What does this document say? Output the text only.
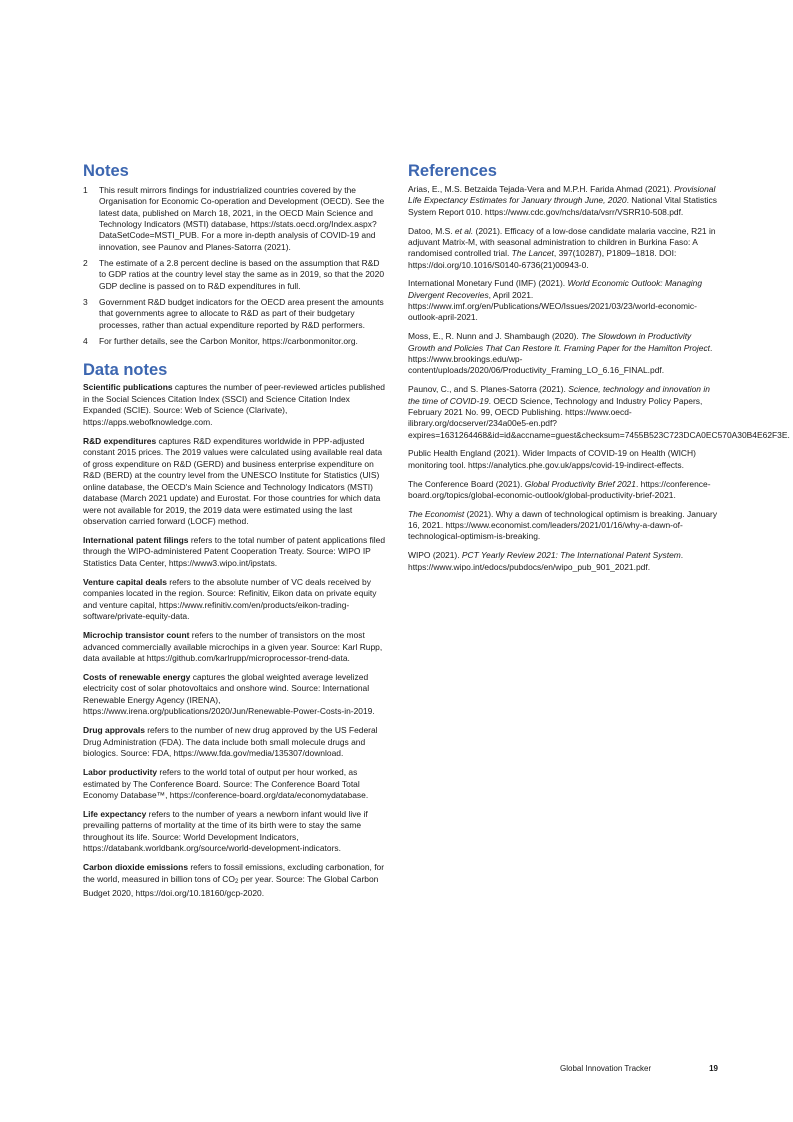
Notes
1	This result mirrors findings for industrialized countries covered by the Organisation for Economic Co-operation and Development (OECD). See the latest data, published on March 18, 2021, in the OECD Main Science and Technology Indicators (MSTI) database, https://stats.oecd.org/Index.aspx?DataSetCode=MSTI_PUB. For a more in-depth analysis of COVID-19 and innovation, see Paunov and Planes-Satorra (2021).
2	The estimate of a 2.8 percent decline is based on the assumption that R&D to GDP ratios at the country level stay the same as in 2019, so that the 2020 GDP decline is passed on to R&D expenditures in full.
3	Government R&D budget indicators for the OECD area present the amounts that governments agree to allocate to R&D as part of their budgetary processes, rather than actual expenditure reported by R&D performers.
4	For further details, see the Carbon Monitor, https://carbonmonitor.org.
Data notes

Scientific publications captures the number of peer-reviewed articles published in the Social Sciences Citation Index (SSCI) and Science Citation Index Expanded (SCIE). Source: Web of Science (Clarivate), https://apps.webofknowledge.com.

R&D expenditures captures R&D expenditures worldwide in PPP-adjusted constant 2015 prices. The 2019 values were calculated using available real data of gross expenditure on R&D (GERD) and business enterprise expenditure on R&D (BERD) at the country level from the UNESCO Institute for Statistics (UIS) online database, the OECD's Main Science and Technology Indicators (MSTI) database (March 2021 update) and Eurostat. For those countries for which data were not available for 2019, the 2019 data were estimated using the last observation carried forward (LOCF) method.

International patent filings refers to the total number of patent applications filed through the WIPO-administered Patent Cooperation Treaty. Source: WIPO IP Statistics Data Center, https://www3.wipo.int/ipstats.

Venture capital deals refers to the absolute number of VC deals received by companies located in the region. Source: Refinitiv, Eikon data on private equity and venture capital, https://www.refinitiv.com/en/products/eikon-trading-software/private-equity-data.

Microchip transistor count refers to the number of transistors on the most advanced commercially available microchips in a given year. Source: Karl Rupp, data available at https://github.com/karlrupp/microprocessor-trend-data.

Costs of renewable energy captures the global weighted average levelized electricity cost of solar photovoltaics and onshore wind. Source: International Renewable Energy Agency (IRENA), https://www.irena.org/publications/2020/Jun/Renewable-Power-Costs-in-2019.

Drug approvals refers to the number of new drug approved by the US Federal Drug Administration (FDA). The data include both small molecule drugs and biologics. Source: FDA, https://www.fda.gov/media/135307/download.

Labor productivity refers to the world total of output per hour worked, as estimated by The Conference Board. Source: The Conference Board Total Economy Database™, https://conference-board.org/data/economydatabase.

Life expectancy refers to the number of years a newborn infant would live if prevailing patterns of mortality at the time of its birth were to stay the same throughout its life. Source: World Development Indicators, https://databank.worldbank.org/source/world-development-indicators.

Carbon dioxide emissions refers to fossil emissions, excluding carbonation, for the world, measured in billion tons of $CO_2$ per year. Source: The Global Carbon Budget 2020, https://doi.org/10.18160/gcp-2020.

References

Arias, E., M.S. Betzaida Tejada-Vera and M.P.H. Farida Ahmad (2021). Provisional Life Expectancy Estimates for January through June, 2020. National Vital Statistics System Report 010. https://www.cdc.gov/nchs/data/vsrr/VSRR10-508.pdf.

Datoo, M.S. et al. (2021). Efficacy of a low-dose candidate malaria vaccine, R21 in adjuvant Matrix-M, with seasonal administration to children in Burkina Faso: A randomised controlled trial. The Lancet, 397(10287), P1809–1818. DOI: https://doi.org/10.1016/S0140-6736(21)00943-0.

International Monetary Fund (IMF) (2021). World Economic Outlook: Managing Divergent Recoveries, April 2021. https://www.imf.org/en/Publications/WEO/Issues/2021/03/23/world-economic-outlook-april-2021.

Moss, E., R. Nunn and J. Shambaugh (2020). The Slowdown in Productivity Growth and Policies That Can Restore It. Framing Paper for the Hamilton Project. https://www.brookings.edu/wp-content/uploads/2020/06/Productivity_Framing_LO_6.16_FINAL.pdf.

Paunov, C., and S. Planes-Satorra (2021). Science, technology and innovation in the time of COVID-19. OECD Science, Technology and Industry Policy Papers, February 2021 No. 99, OECD Publishing. https://www.oecd-ilibrary.org/docserver/234a00e5-en.pdf?expires=1631264468&id=id&accname=guest&checksum=7455B523C723DCA0EC570A30B4E62F3E.

Public Health England (2021). Wider Impacts of COVID-19 on Health (WICH) monitoring tool. https://analytics.phe.gov.uk/apps/covid-19-indirect-effects.

The Conference Board (2021). Global Productivity Brief 2021. https://conference-board.org/topics/global-economic-outlook/global-productivity-brief-2021.

The Economist (2021). Why a dawn of technological optimism is breaking. January 16, 2021. https://www.economist.com/leaders/2021/01/16/why-a-dawn-of-technological-optimism-is-breaking.

WIPO (2021). PCT Yearly Review 2021: The International Patent System. https://www.wipo.int/edocs/pubdocs/en/wipo_pub_901_2021.pdf.

Global Innovation Tracker	19
